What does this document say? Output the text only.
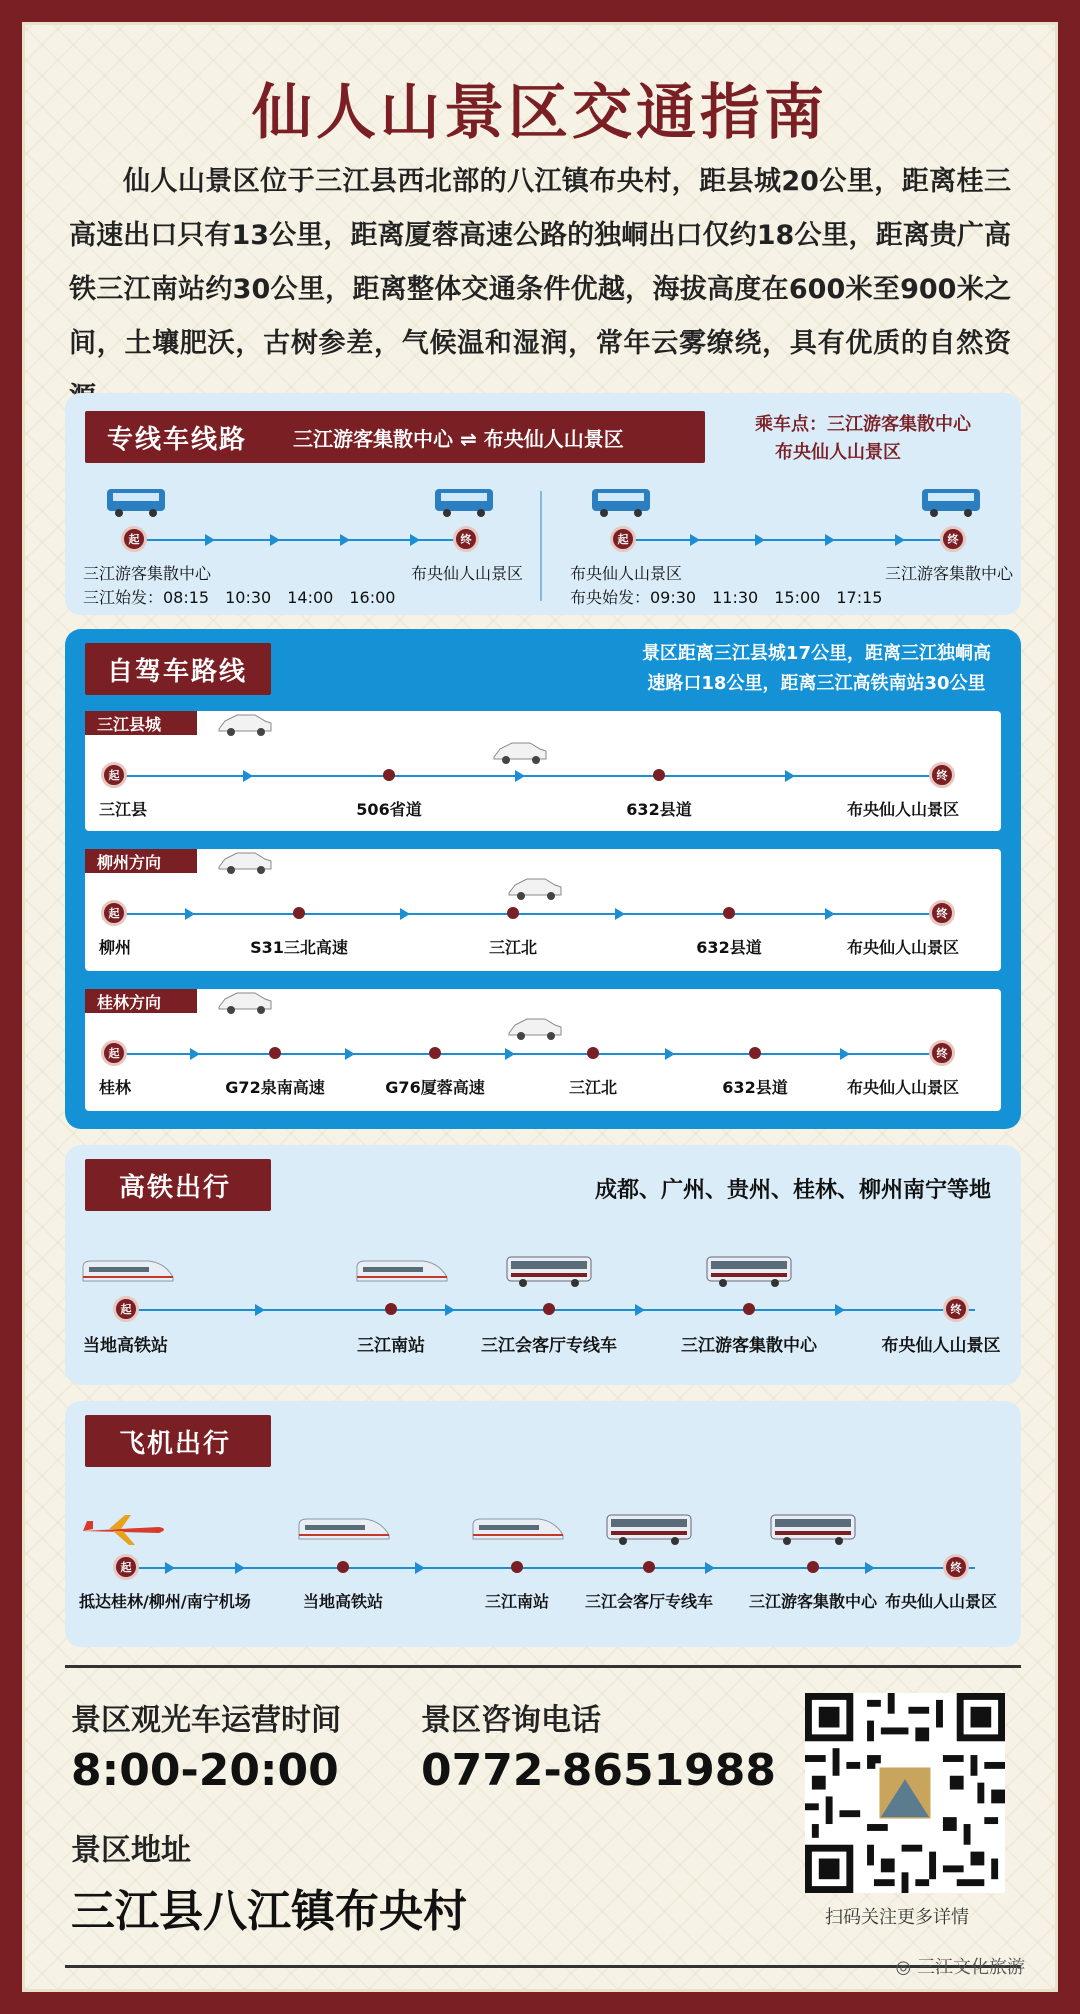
仙人山景区交通指南
仙人山景区位于三江县西北部的八江镇布央村，距县城20公里，距离桂三高速出口只有13公里，距离厦蓉高速公路的独峒出口仅约18公里，距离贵广高铁三江南站约30公里，距离整体交通条件优越，海拔高度在600米至900米之间，土壤肥沃，古树参差，气候温和湿润，常年云雾缭绕，具有优质的自然资
专线车线路 三江游客集散中心 ⇌ 布央仙人山景区
乘车点：三江游客集散中心
布央仙人山景区
起	终
三江游客集散中心	布央仙人山景区
三江始发：08:15　10:30　14:00　16:00
起	终
布央仙人山景区	三江游客集散中心
布央始发：09:30　11:30　15:00　17:15
自驾车路线
景区距离三江县城17公里，距离三江独峒高
速路口18公里，距离三江高铁南站30公里
三江县城
起	终
三江县	506省道	632县道	布央仙人山景区
柳州方向
起	终
柳州	S31三北高速	三江北	632县道	布央仙人山景区
桂林方向
起	终
桂林	G72泉南高速	G76厦蓉高速	三江北	632县道	布央仙人山景区
高铁出行	成都、广州、贵州、桂林、柳州南宁等地
起	终
当地高铁站	三江南站	三江会客厅专线车	三江游客集散中心	布央仙人山景区
飞机出行
起	终
抵达桂林/柳州/南宁机场	当地高铁站	三江南站 三江会客厅专线车 三江游客集散中心 布央仙人山景区
景区观光车运营时间
8:00-20:00
景区咨询电话
0772-8651988
景区地址
三江县八江镇布央村	扫码关注更多详情
◎ 三江文化旅游
